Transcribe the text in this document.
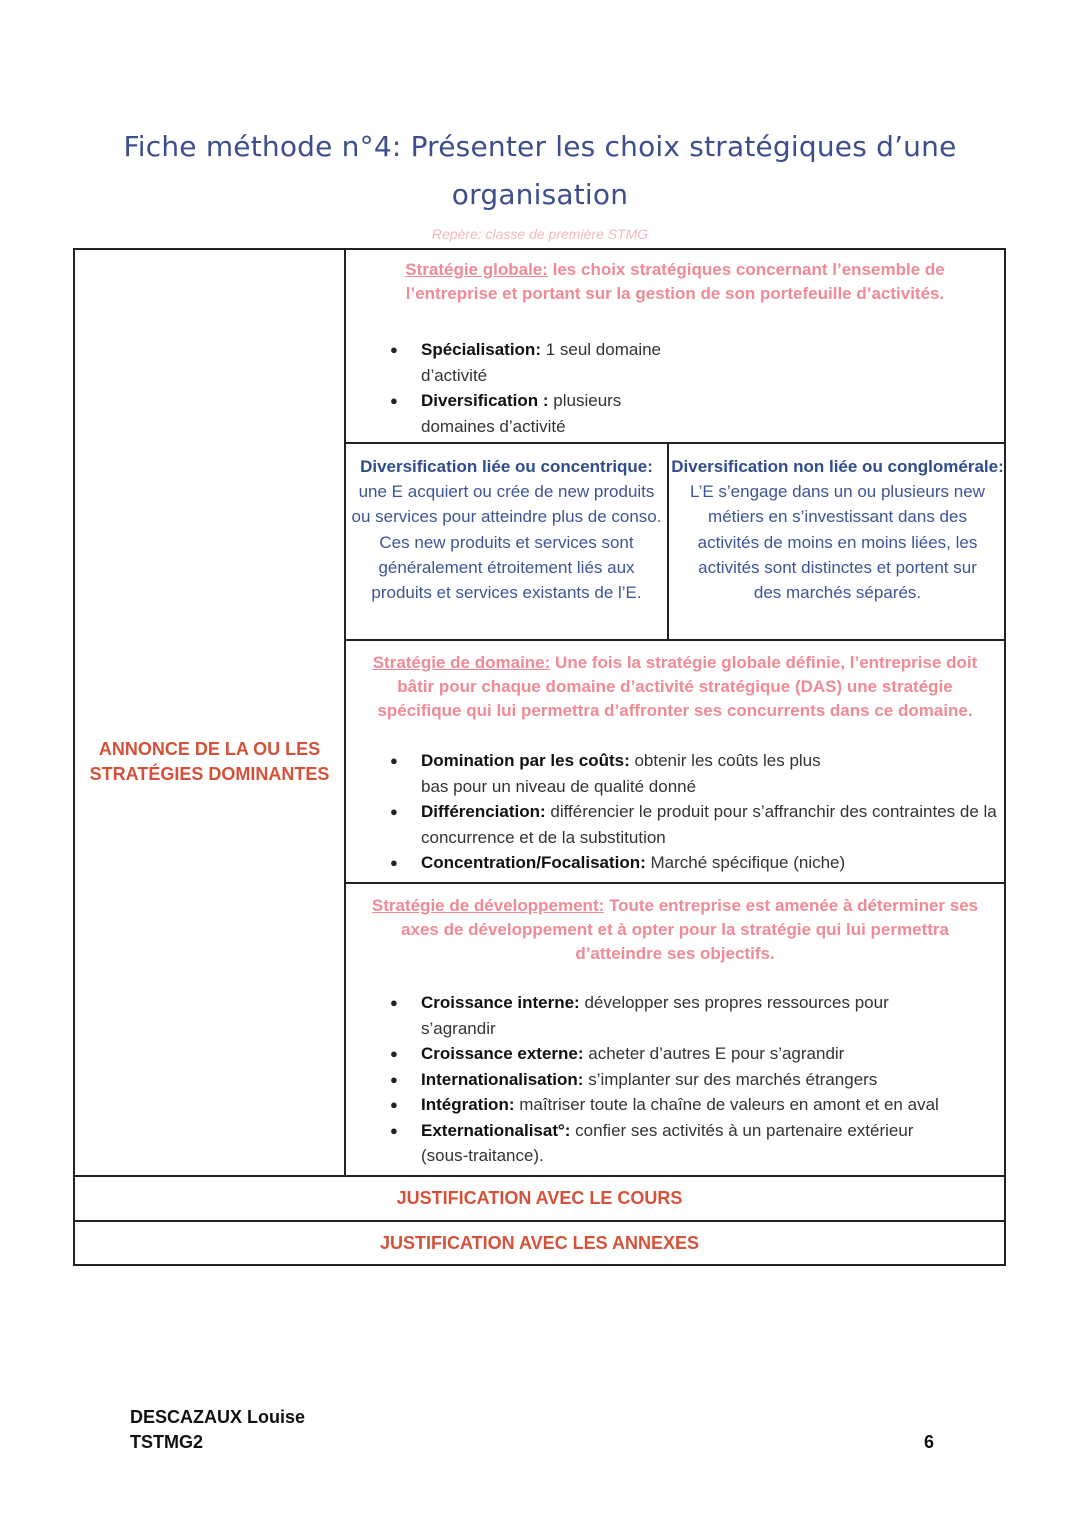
Fiche méthode n°4: Présenter les choix stratégiques d’une
organisation
Repère: classe de première STMG
ANNONCE DE LA OU LES
STRATÉGIES DOMINANTES
Stratégie globale: les choix stratégiques concernant l’ensemble de l’entreprise et portant sur la gestion de son portefeuille d’activités.
● Spécialisation: 1 seul domaine d’activité
● Diversification : plusieurs domaines d’activité
Diversification liée ou concentrique:
une E acquiert ou crée de new produits ou services pour atteindre plus de conso. Ces new produits et services sont généralement étroitement liés aux produits et services existants de l’E.
Diversification non liée ou conglomérale:
L’E s’engage dans un ou plusieurs new métiers en s’investissant dans des activités de moins en moins liées, les activités sont distinctes et portent sur des marchés séparés.
Stratégie de domaine: Une fois la stratégie globale définie, l’entreprise doit bâtir pour chaque domaine d’activité stratégique (DAS) une stratégie spécifique qui lui permettra d’affronter ses concurrents dans ce domaine.
● Domination par les coûts: obtenir les coûts les plus bas pour un niveau de qualité donné
● Différenciation: différencier le produit pour s’affranchir des contraintes de la concurrence et de la substitution
● Concentration/Focalisation: Marché spécifique (niche)
Stratégie de développement: Toute entreprise est amenée à déterminer ses axes de développement et à opter pour la stratégie qui lui permettra d’atteindre ses objectifs.
● Croissance interne: développer ses propres ressources pour s’agrandir
● Croissance externe: acheter d’autres E pour s’agrandir
● Internationalisation: s’implanter sur des marchés étrangers
● Intégration: maîtriser toute la chaîne de valeurs en amont et en aval
● Externationalisat°: confier ses activités à un partenaire extérieur (sous-traitance).
JUSTIFICATION AVEC LE COURS
JUSTIFICATION AVEC LES ANNEXES
DESCAZAUX Louise
TSTMG2	6
